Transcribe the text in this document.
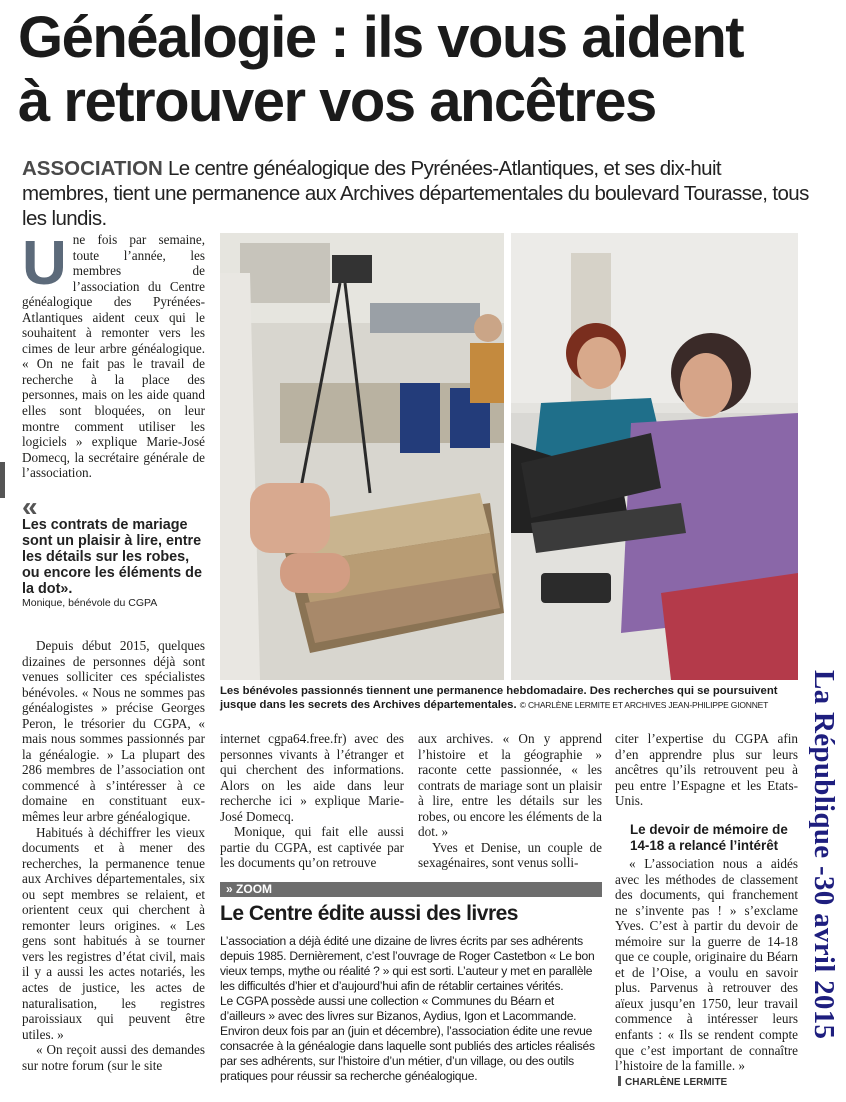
Généalogie : ils vous aident
à retrouver vos ancêtres
ASSOCIATION Le centre généalogique des Pyrénées-Atlantiques, et ses dix-huit membres, tient une permanence aux Archives départementales du boulevard Tourasse, tous les lundis.
U ne fois par semaine, toute l’année, les membres de l’association du Centre généalogique des Pyrénées-Atlantiques aident ceux qui le souhaitent à remonter vers les cimes de leur arbre généalogique. « On ne fait pas le travail de recherche à la place des personnes, mais on les aide quand elles sont bloquées, on leur montre comment utiliser les logiciels » explique Marie-José Domecq, la secrétaire générale de l’association.

«
Les contrats de mariage sont un plaisir à lire, entre les détails sur les robes, ou encore les éléments de la dot».
Monique, bénévole du CGPA

Depuis début 2015, quelques dizaines de personnes déjà sont venues solliciter ces spécialistes bénévoles. « Nous ne sommes pas généalogistes » précise Georges Peron, le trésorier du CGPA, « mais nous sommes passionnés par la généalogie. » La plupart des 286 membres de l’association ont commencé à s’intéresser à ce domaine en constituant eux-mêmes leur arbre généalogique.

Habitués à déchiffrer les vieux documents et à mener des recherches, la permanence tenue aux Archives départementales, six ou sept membres se relaient, et orientent ceux qui cherchent à remonter leurs origines. « Les gens sont habitués à se tourner vers les registres d’état civil, mais il y a aussi les actes notariés, les actes de justice, les actes de naturalisation, les registres paroissiaux qui peuvent être utiles. »

« On reçoit aussi des demandes sur notre forum (sur le site

Les bénévoles passionnés tiennent une permanence hebdomadaire. Des recherches qui se poursuivent jusque dans les secrets des Archives départementales. © CHARLÈNE LERMITE ET ARCHIVES JEAN-PHILIPPE GIONNET

internet cgpa64.free.fr) avec des personnes vivants à l’étranger et qui cherchent des informations. Alors on les aide dans leur recherche ici » explique Marie-José Domecq.

Monique, qui fait elle aussi partie du CGPA, est captivée par les documents qu’on retrouve

aux archives. « On y apprend l’histoire et la géographie » raconte cette passionnée, « les contrats de mariage sont un plaisir à lire, entre les détails sur les robes, ou encore les éléments de la dot. »

Yves et Denise, un couple de sexagénaires, sont venus solli-

» ZOOM
Le Centre édite aussi des livres

L’association a déjà édité une dizaine de livres écrits par ses adhérents depuis 1985. Dernièrement, c’est l’ouvrage de Roger Castetbon « Le bon vieux temps, mythe ou réalité ? » qui est sorti. L’auteur y met en parallèle les difficultés d’hier et d’aujourd’hui afin de rétablir certaines vérités.

Le CGPA possède aussi une collection « Communes du Béarn et d’ailleurs » avec des livres sur Bizanos, Aydius, Igon et Lacommande.

Environ deux fois par an (juin et décembre), l’association édite une revue consacrée à la généalogie dans laquelle sont publiés des articles réalisés par ses adhérents, sur l’histoire d’un métier, d’un village, ou des outils pratiques pour réussir sa recherche généalogique.

citer l’expertise du CGPA afin d’en apprendre plus sur leurs ancêtres qu’ils retrouvent peu à peu entre l’Espagne et les Etats-Unis.

Le devoir de mémoire de 14-18 a relancé l’intérêt

« L’association nous a aidés avec les méthodes de classement des documents, qui franchement ne s’invente pas ! » s’exclame Yves. C’est à partir du devoir de mémoire sur la guerre de 14-18 que ce couple, originaire du Béarn et de l’Oise, a voulu en savoir plus. Parvenus à retrouver des aïeux jusqu’en 1750, leur travail commence à intéresser leurs enfants : « Ils se rendent compte que c’est important de connaître l’histoire de la famille. »

CHARLÈNE LERMITE
La République -30 avril 2015
